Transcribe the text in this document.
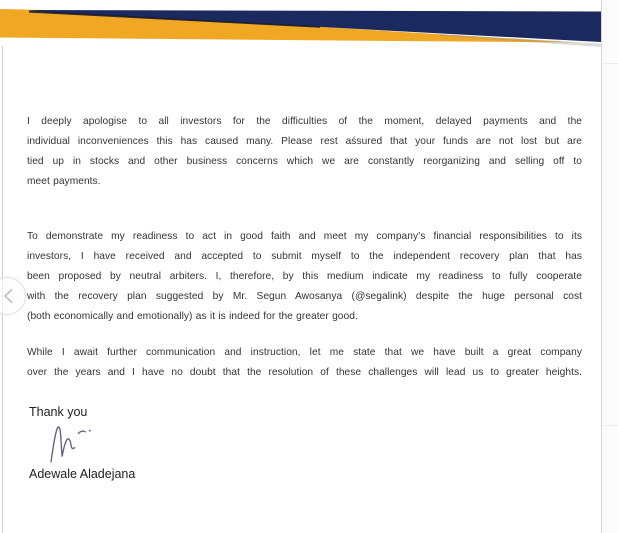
I deeply apologise to all investors for the difficulties of the moment, delayed payments and the
individual inconveniences this has caused many. Please rest aśsured that your funds are not lost but are
tied up in stocks and other business concerns which we are constantly reorganizing and selling off to
meet payments.
To demonstrate my readiness to act in good faith and meet my company’s financial responsibilities to its
investors, I have received and accepted to submit myself to the independent recovery plan that has
been proposed by neutral arbiters. I, therefore, by this medium indicate my readiness to fully cooperate
with the recovery plan suggested by Mr. Segun Awosanya (@segalink) despite the huge personal cost
(both economically and emotionally) as it is indeed for the greater good.
While I await further communication and instruction, let me state that we have built a great company
over the years and I have no doubt that the resolution of these challenges will lead us to greater heights.
Thank you
Adewale Aladejana
